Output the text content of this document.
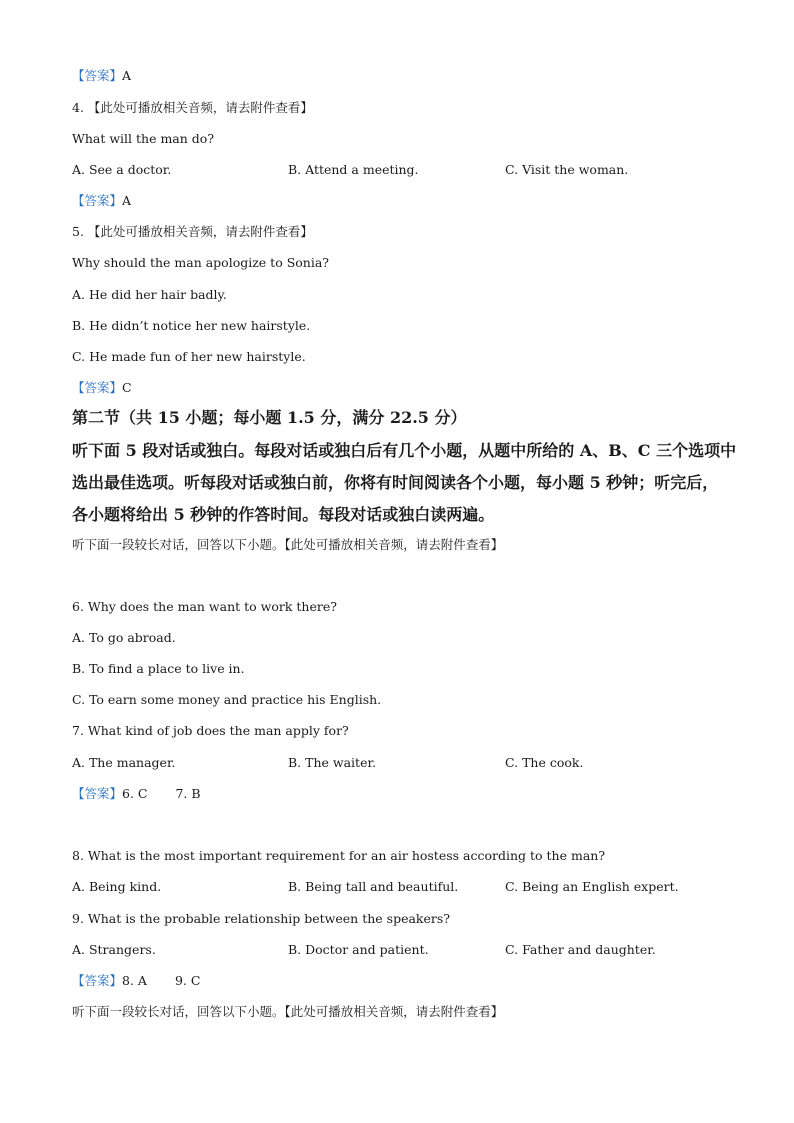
【答案】A
4. 【此处可播放相关音频，请去附件查看】
What will the man do?
A. See a doctor.	B. Attend a meeting.	C. Visit the woman.
【答案】A
5. 【此处可播放相关音频，请去附件查看】
Why should the man apologize to Sonia?
A. He did her hair badly.
B. He didn’t notice her new hairstyle.
C. He made fun of her new hairstyle.
【答案】C
第二节（共 15 小题；每小题 1.5 分，满分 22.5 分）
听下面 5 段对话或独白。每段对话或独白后有几个小题，从题中所给的 A、B、C 三个选项中
选出最佳选项。听每段对话或独白前，你将有时间阅读各个小题，每小题 5 秒钟；听完后，
各小题将给出 5 秒钟的作答时间。每段对话或独白读两遍。
听下面一段较长对话，回答以下小题。【此处可播放相关音频，请去附件查看】
6. Why does the man want to work there?
A. To go abroad.
B. To find a place to live in.
C. To earn some money and practice his English.
7. What kind of job does the man apply for?
A. The manager.	B. The waiter.	C. The cook.
【答案】6. C 7. B
8. What is the most important requirement for an air hostess according to the man?
A. Being kind.	B. Being tall and beautiful.	C. Being an English expert.
9. What is the probable relationship between the speakers?
A. Strangers.	B. Doctor and patient.	C. Father and daughter.
【答案】8. A 9. C
听下面一段较长对话，回答以下小题。【此处可播放相关音频，请去附件查看】
